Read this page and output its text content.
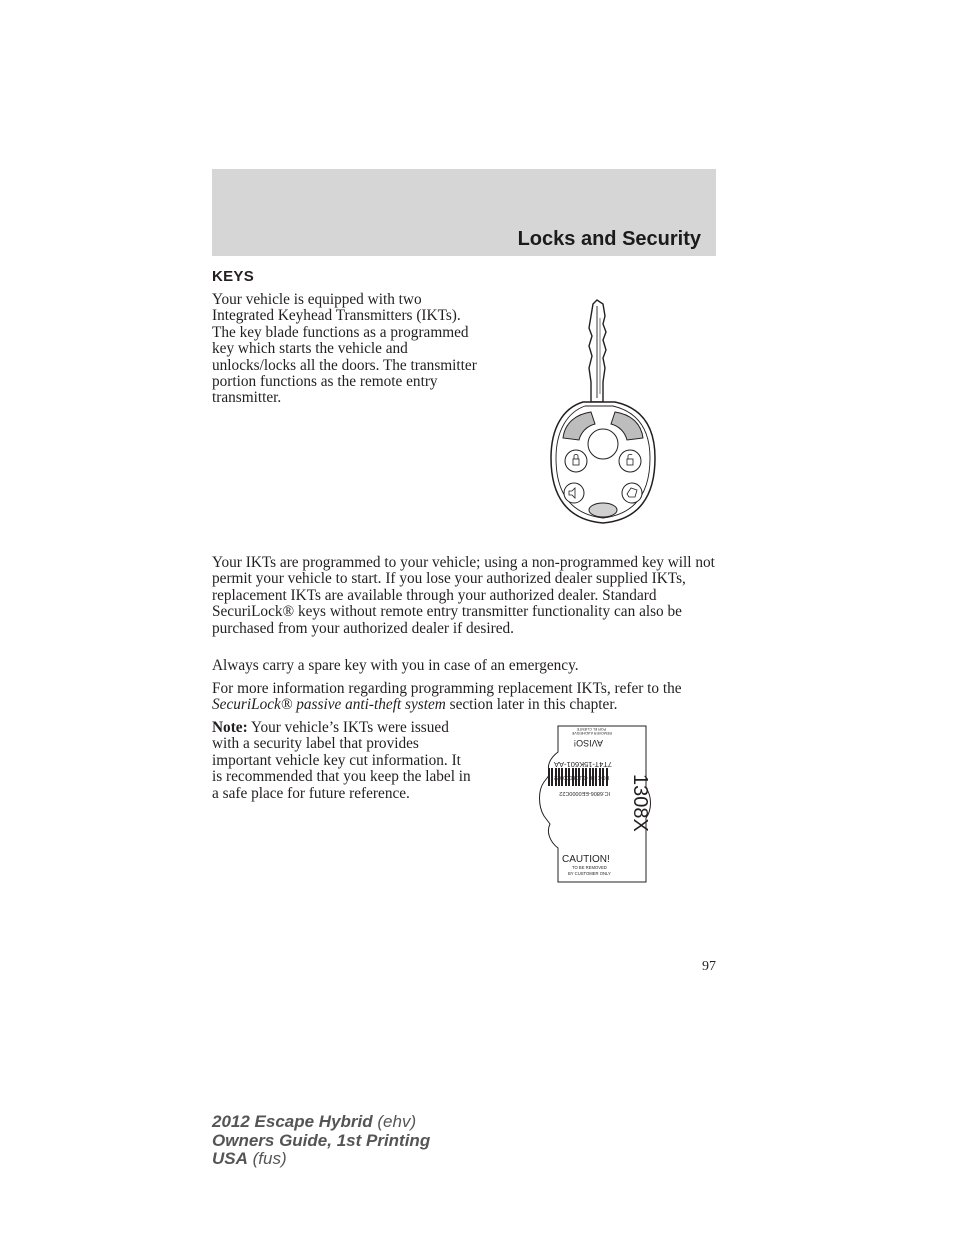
Locks and Security
KEYS

Your vehicle is equipped with two Integrated Keyhead Transmitters (IKTs). The key blade functions as a programmed key which starts the vehicle and unlocks/locks all the doors. The transmitter portion functions as the remote entry transmitter.

Your IKTs are programmed to your vehicle; using a non-programmed key will not permit your vehicle to start. If you lose your authorized dealer supplied IKTs, replacement IKTs are available through your authorized dealer. Standard SecuriLock® keys without remote entry transmitter functionality can also be purchased from your authorized dealer if desired.

Always carry a spare key with you in case of an emergency.

For more information regarding programming replacement IKTs, refer to the SecuriLock® passive anti-theft system section later in this chapter.

Note: Your vehicle’s IKTs were issued with a security label that provides important vehicle key cut information. It is recommended that you keep the label in a safe place for future reference.

AVISO!
REMOVER A ADHESIVE
POR EL CLIENTE
IC:6806-EE0000C22
FCC ID: OUC6000022
7T4T-15K601-AA
1308X
CAUTION!
TO BE REMOVED
BY CUSTOMER ONLY
97
2012 Escape Hybrid (ehv)
Owners Guide, 1st Printing
USA (fus)
